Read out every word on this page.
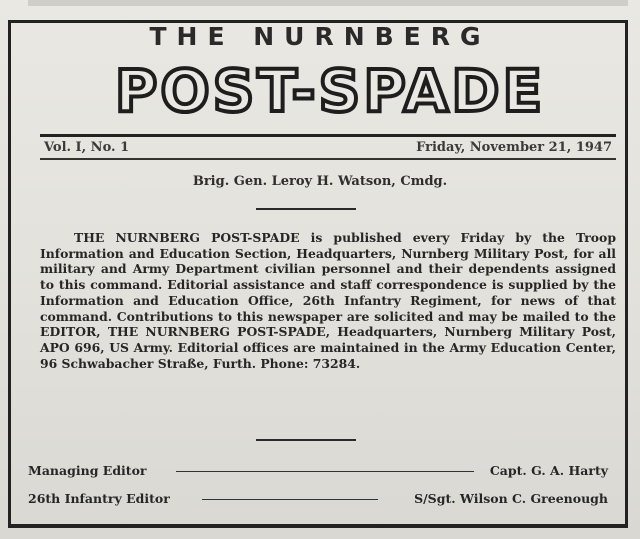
THE NURNBERG
POST-SPADE
Vol. I, No. 1	Friday, November 21, 1947
Brig. Gen. Leroy H. Watson, Cmdg.
THE NURNBERG POST-SPADE is published every Friday by the Troop Information and Education Section, Headquarters, Nurnberg Military Post, for all military and Army Department civilian personnel and their dependents assigned to this command. Editorial assistance and staff correspondence is supplied by the Information and Education Office, 26th Infantry Regiment, for news of that command. Contributions to this newspaper are solicited and may be mailed to the EDITOR, THE NURNBERG POST-SPADE, Headquarters, Nurnberg Military Post, APO 696, US Army. Editorial offices are maintained in the Army Education Center, 96 Schwabacher Straße, Furth. Phone: 73284.
Managing Editor	Capt. G. A. Harty
26th Infantry Editor	S/Sgt. Wilson C. Greenough
